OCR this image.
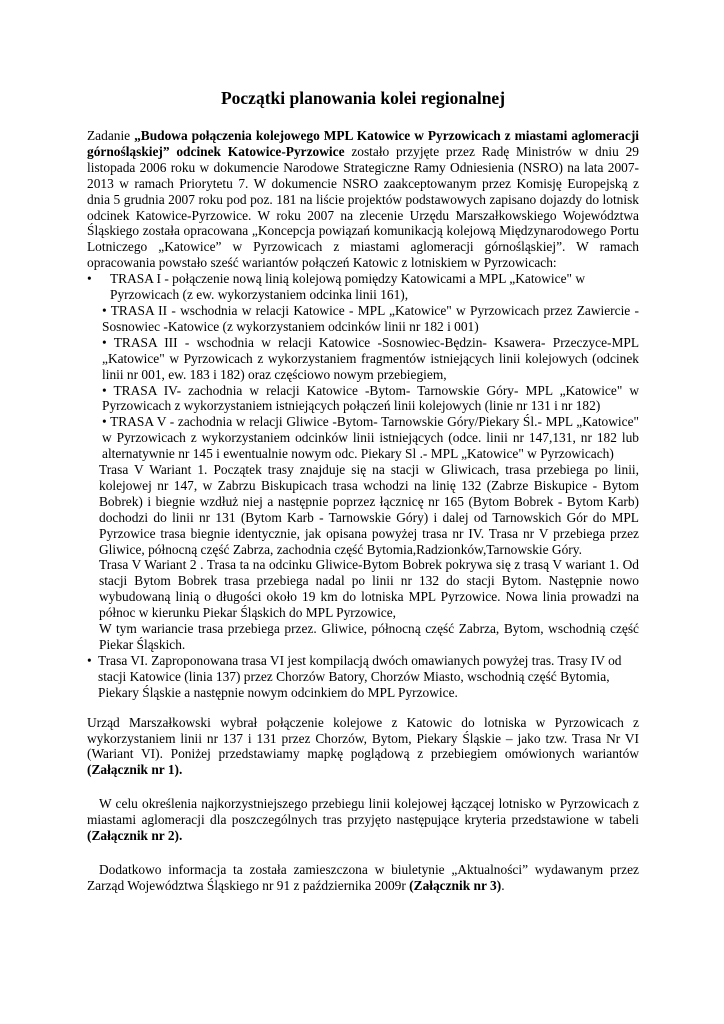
Początki planowania kolei regionalnej

Zadanie „Budowa połączenia kolejowego MPL Katowice w Pyrzowicach z miastami aglomeracji górnośląskiej” odcinek Katowice-Pyrzowice zostało przyjęte przez Radę Ministrów w dniu 29 listopada 2006 roku w dokumencie Narodowe Strategiczne Ramy Odniesienia (NSRO) na lata 2007-2013 w ramach Priorytetu 7. W dokumencie NSRO zaakceptowanym przez Komisję Europejską z dnia 5 grudnia 2007 roku pod poz. 181 na liście projektów podstawowych zapisano dojazdy do lotnisk odcinek Katowice-Pyrzowice. W roku 2007 na zlecenie Urzędu Marszałkowskiego Województwa Śląskiego została opracowana „Koncepcja powiązań komunikacją kolejową Międzynarodowego Portu Lotniczego „Katowice” w Pyrzowicach z miastami aglomeracji górnośląskiej”. W ramach opracowania powstało sześć wariantów połączeń Katowic z lotniskiem w Pyrzowicach:

•	TRASA I - połączenie nową linią kolejową pomiędzy Katowicami a MPL „Katowice" w Pyrzowicach (z ew. wykorzystaniem odcinka linii 161),

• TRASA II - wschodnia w relacji Katowice - MPL „Katowice" w Pyrzowicach przez Zawiercie - Sosnowiec -Katowice (z wykorzystaniem odcinków linii nr 182 i 001)

• TRASA III - wschodnia w relacji Katowice -Sosnowiec-Będzin- Ksawera- Przeczyce-MPL „Katowice" w Pyrzowicach z wykorzystaniem fragmentów istniejących linii kolejowych (odcinek linii nr 001, ew. 183 i 182) oraz częściowo nowym przebiegiem,

• TRASA IV- zachodnia w relacji Katowice -Bytom- Tarnowskie Góry- MPL „Katowice" w Pyrzowicach z wykorzystaniem istniejących połączeń linii kolejowych (linie nr 131 i nr 182)

• TRASA V - zachodnia w relacji Gliwice -Bytom- Tarnowskie Góry/Piekary Śl.- MPL „Katowice" w Pyrzowicach z wykorzystaniem odcinków linii istniejących (odce. linii nr 147,131, nr 182 lub alternatywnie nr 145 i ewentualnie nowym odc. Piekary Sl .- MPL „Katowice" w Pyrzowicach)

Trasa V Wariant 1. Początek trasy znajduje się na stacji w Gliwicach, trasa przebiega po linii, kolejowej nr 147, w Zabrzu Biskupicach trasa wchodzi na linię 132 (Zabrze Biskupice - Bytom Bobrek) i biegnie wzdłuż niej a następnie poprzez łącznicę nr 165 (Bytom Bobrek - Bytom Karb) dochodzi do linii nr 131 (Bytom Karb - Tarnowskie Góry) i dalej od Tarnowskich Gór do MPL Pyrzowice trasa biegnie identycznie, jak opisana powyżej trasa nr IV. Trasa nr V przebiega przez Gliwice, północną część Zabrza, zachodnia część Bytomia,Radzionków,Tarnowskie Góry.

Trasa V Wariant 2 . Trasa ta na odcinku Gliwice-Bytom Bobrek pokrywa się z trasą V wariant 1. Od stacji Bytom Bobrek trasa przebiega nadal po linii nr 132 do stacji Bytom. Następnie nowo wybudowaną linią o długości około 19 km do lotniska MPL Pyrzowice. Nowa linia prowadzi na północ w kierunku Piekar Śląskich do MPL Pyrzowice,

W tym wariancie trasa przebiega przez. Gliwice, północną część Zabrza, Bytom, wschodnią część Piekar Śląskich.

• Trasa VI. Zaproponowana trasa VI jest kompilacją dwóch omawianych powyżej tras. Trasy IV od stacji Katowice (linia 137) przez Chorzów Batory, Chorzów Miasto, wschodnią część Bytomia, Piekary Śląskie a następnie nowym odcinkiem do MPL Pyrzowice.

Urząd Marszałkowski wybrał połączenie kolejowe z Katowic do lotniska w Pyrzowicach z wykorzystaniem linii nr 137 i 131 przez Chorzów, Bytom, Piekary Śląskie – jako tzw. Trasa Nr VI (Wariant VI). Poniżej przedstawiamy mapkę poglądową z przebiegiem omówionych wariantów (Załącznik nr 1).

W celu określenia najkorzystniejszego przebiegu linii kolejowej łączącej lotnisko w Pyrzowicach z miastami aglomeracji dla poszczególnych tras przyjęto następujące kryteria przedstawione w tabeli (Załącznik nr 2).

Dodatkowo informacja ta została zamieszczona w biuletynie „Aktualności” wydawanym przez Zarząd Województwa Śląskiego nr 91 z października 2009r (Załącznik nr 3).
